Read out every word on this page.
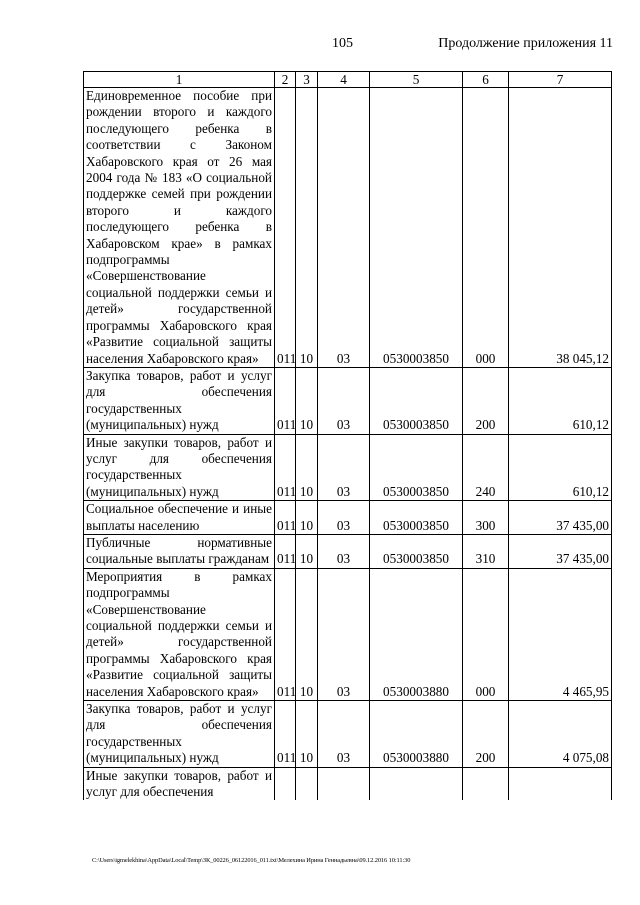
105	Продолжение приложения 11
1	2	3	4	5	6	7

Единовременное пособие при рождении второго и каждого последующего ребенка в соответствии с Законом Хабаровского края от 26 мая 2004 года № 183 «О социальной поддержке семей при рождении второго и каждого последующего ребенка в Хабаровском крае» в рамках подпрограммы «Совершенствование социальной поддержки семьи и детей» государственной программы Хабаровского края «Развитие социальной защиты населения Хабаровского края»	011	10	03	0530003850	000	38 045,12

Закупка товаров, работ и услуг для обеспечения государственных (муниципальных) нужд	011	10	03	0530003850	200	610,12

Иные закупки товаров, работ и услуг для обеспечения государственных (муниципальных) нужд	011	10	03	0530003850	240	610,12

Социальное обеспечение и иные выплаты населению	011	10	03	0530003850	300	37 435,00

Публичные нормативные социальные выплаты гражданам	011	10	03	0530003850	310	37 435,00

Мероприятия в рамках подпрограммы «Совершенствование социальной поддержки семьи и детей» государственной программы Хабаровского края «Развитие социальной защиты населения Хабаровского края»	011	10	03	0530003880	000	4 465,95

Закупка товаров, работ и услуг для обеспечения государственных (муниципальных) нужд	011	10	03	0530003880	200	4 075,08

Иные закупки товаров, работ и услуг для обеспечения						

C:\Users\igmelekhina\AppData\Local\Temp\ЗК_00226_06122016_011.txt\Мелехина Ирина Геннадьевна\09.12.2016 10:11:30
